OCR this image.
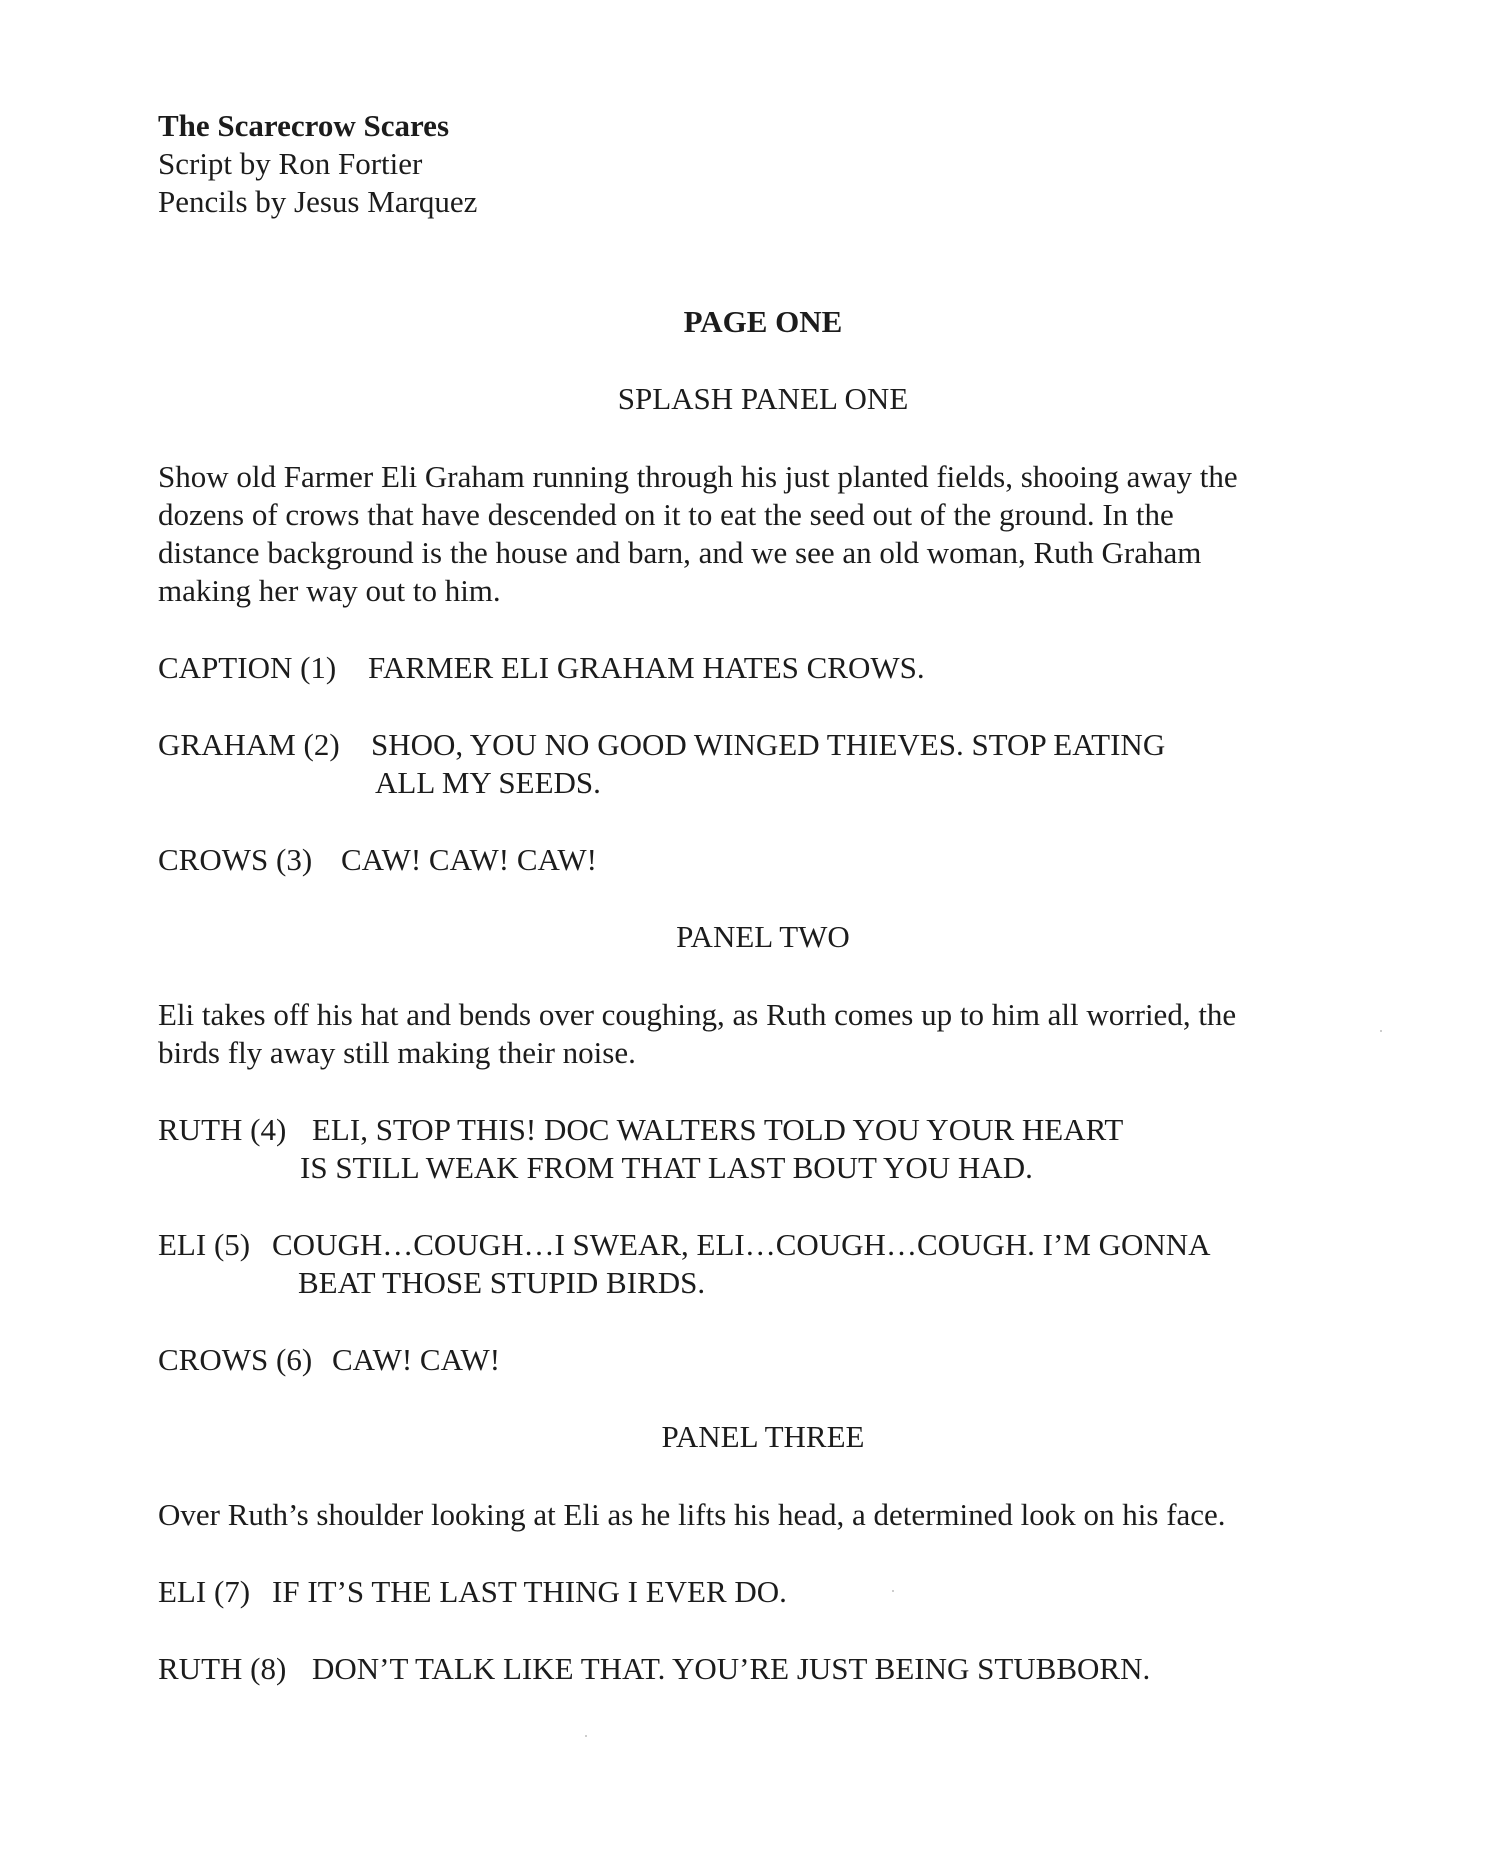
The Scarecrow Scares
Script by Ron Fortier
Pencils by Jesus Marquez
PAGE ONE
SPLASH PANEL ONE
Show old Farmer Eli Graham running through his just planted fields, shooing away the
dozens of crows that have descended on it to eat the seed out of the ground. In the
distance background is the house and barn, and we see an old woman, Ruth Graham
making her way out to him.
CAPTION (1) FARMER ELI GRAHAM HATES CROWS.
GRAHAM (2) SHOO, YOU NO GOOD WINGED THIEVES. STOP EATING
ALL MY SEEDS.
CROWS (3) CAW! CAW! CAW!
PANEL TWO
Eli takes off his hat and bends over coughing, as Ruth comes up to him all worried, the
birds fly away still making their noise.
RUTH (4) ELI, STOP THIS! DOC WALTERS TOLD YOU YOUR HEART
IS STILL WEAK FROM THAT LAST BOUT YOU HAD.
ELI (5) COUGH…COUGH…I SWEAR, ELI…COUGH…COUGH. I’M GONNA
BEAT THOSE STUPID BIRDS.
CROWS (6) CAW! CAW!
PANEL THREE
Over Ruth’s shoulder looking at Eli as he lifts his head, a determined look on his face.
ELI (7) IF IT’S THE LAST THING I EVER DO.
RUTH (8) DON’T TALK LIKE THAT. YOU’RE JUST BEING STUBBORN.
